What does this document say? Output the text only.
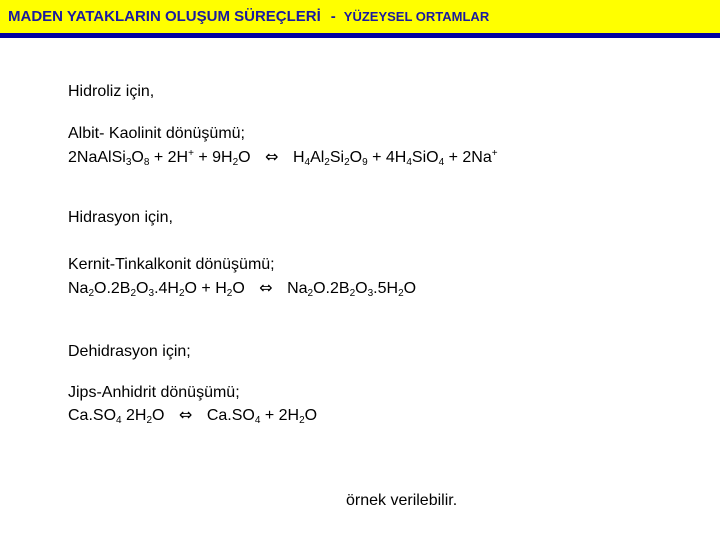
MADEN YATAKLARIN OLUŞUM SÜREÇLERİ - YÜZEYSEL ORTAMLAR
Hidroliz için,
Albit- Kaolinit dönüşümü;
$2NaAlSi_3O_8 + 2H^+ + 9H_2O$ ⇔ $H_4Al_2Si_2O_9 + 4H_4SiO_4 + 2Na^+$
Hidrasyon için,
Kernit-Tinkalkonit dönüşümü;
$Na_2O.2B_2O_3.4H_2O + H_2O$ ⇔ $Na_2O.2B_2O_3.5H_2O$
Dehidrasyon için;
Jips-Anhidrit dönüşümü;
$Ca.SO_4$ $2H_2O$ ⇔ $Ca.SO_4 + 2H_2O$
örnek verilebilir.
